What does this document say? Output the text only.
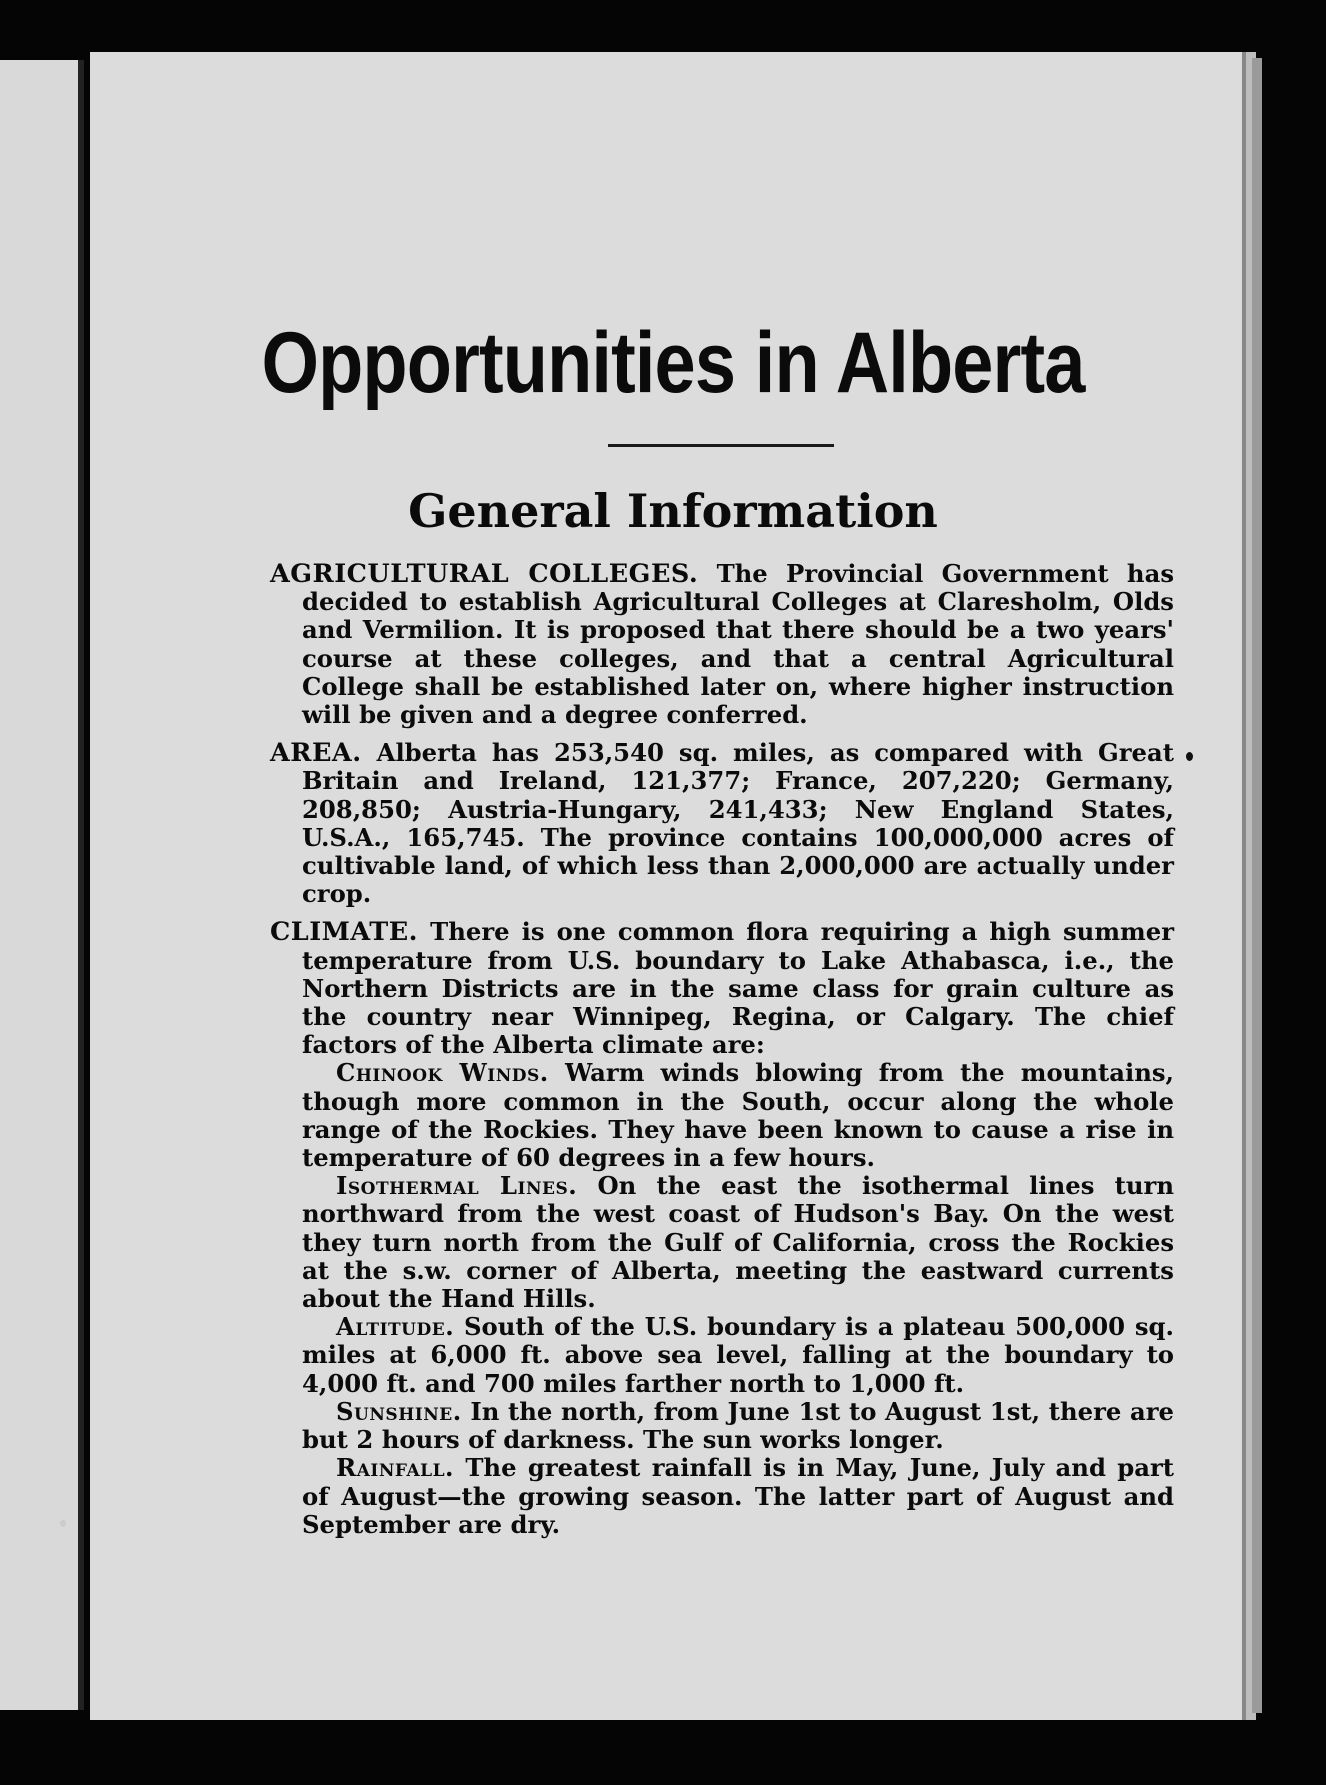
Opportunities in Alberta
General Information

AGRICULTURAL COLLEGES. The Provincial Government has decided to establish Agricultural Colleges at Claresholm, Olds and Vermilion. It is proposed that there should be a two years' course at these colleges, and that a central Agricultural College shall be established later on, where higher instruction will be given and a degree conferred.

AREA. Alberta has 253,540 sq. miles, as compared with Great Britain and Ireland, 121,377; France, 207,220; Germany, 208,850; Austria-Hungary, 241,433; New England States, U.S.A., 165,745. The province contains 100,000,000 acres of cultivable land, of which less than 2,000,000 are actually under crop.

CLIMATE. There is one common flora requiring a high summer temperature from U.S. boundary to Lake Athabasca, i.e., the Northern Districts are in the same class for grain culture as the country near Winnipeg, Regina, or Calgary. The chief factors of the Alberta climate are:

Chinook Winds. Warm winds blowing from the mountains, though more common in the South, occur along the whole range of the Rockies. They have been known to cause a rise in temperature of 60 degrees in a few hours.

Isothermal Lines. On the east the isothermal lines turn northward from the west coast of Hudson's Bay. On the west they turn north from the Gulf of California, cross the Rockies at the s.w. corner of Alberta, meeting the eastward currents about the Hand Hills.

Altitude. South of the U.S. boundary is a plateau 500,000 sq. miles at 6,000 ft. above sea level, falling at the boundary to 4,000 ft. and 700 miles farther north to 1,000 ft.

Sunshine. In the north, from June 1st to August 1st, there are but 2 hours of darkness. The sun works longer.

Rainfall. The greatest rainfall is in May, June, July and part of August—the growing season. The latter part of August and September are dry.
